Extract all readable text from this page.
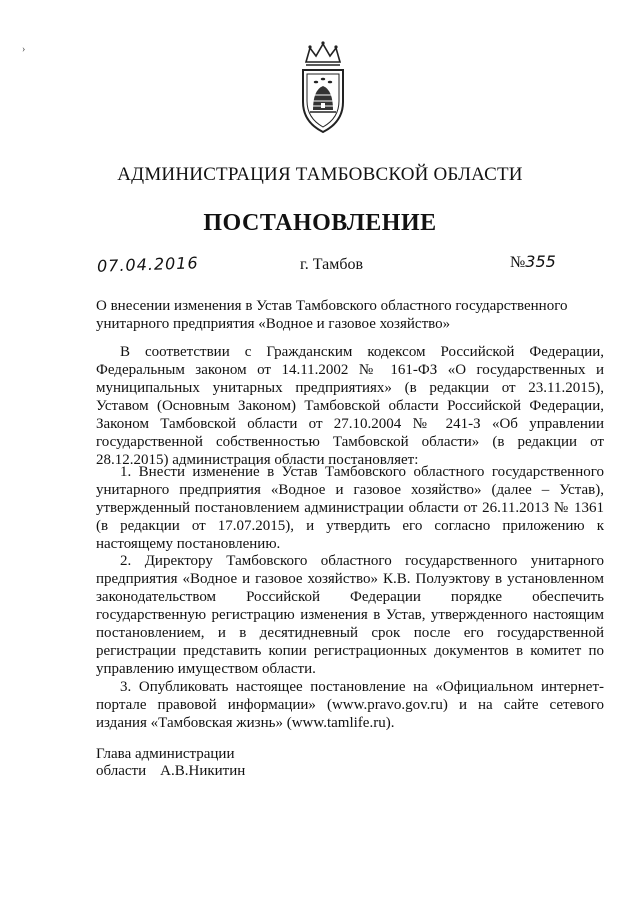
›
АДМИНИСТРАЦИЯ ТАМБОВСКОЙ ОБЛАСТИ
ПОСТАНОВЛЕНИЕ
07.04.2016	г. Тамбов	№355
О внесении изменения в Устав Тамбовского областного государственного унитарного предприятия «Водное и газовое хозяйство»
В соответствии с Гражданским кодексом Российской Федерации, Федеральным законом от 14.11.2002 № 161-ФЗ «О государственных и муниципальных унитарных предприятиях» (в редакции от 23.11.2015), Уставом (Основным Законом) Тамбовской области Российской Федерации, Законом Тамбовской области от 27.10.2004 № 241-З «Об управлении государственной собственностью Тамбовской области» (в редакции от 28.12.2015) администрация области постановляет:
1. Внести изменение в Устав Тамбовского областного государственного унитарного предприятия «Водное и газовое хозяйство» (далее – Устав), утвержденный постановлением администрации области от 26.11.2013 № 1361 (в редакции от 17.07.2015), и утвердить его согласно приложению к настоящему постановлению.
2. Директору Тамбовского областного государственного унитарного предприятия «Водное и газовое хозяйство» К.В. Полуэктову в установленном законодательством Российской Федерации порядке обеспечить государственную регистрацию изменения в Устав, утвержденного настоящим постановлением, и в десятидневный срок после его государственной регистрации представить копии регистрационных документов в комитет по управлению имуществом области.
3. Опубликовать настоящее постановление на «Официальном интернет-портале правовой информации» (www.pravo.gov.ru) и на сайте сетевого издания «Тамбовская жизнь» (www.tamlife.ru).
Глава администрации
области А.В.Никитин
